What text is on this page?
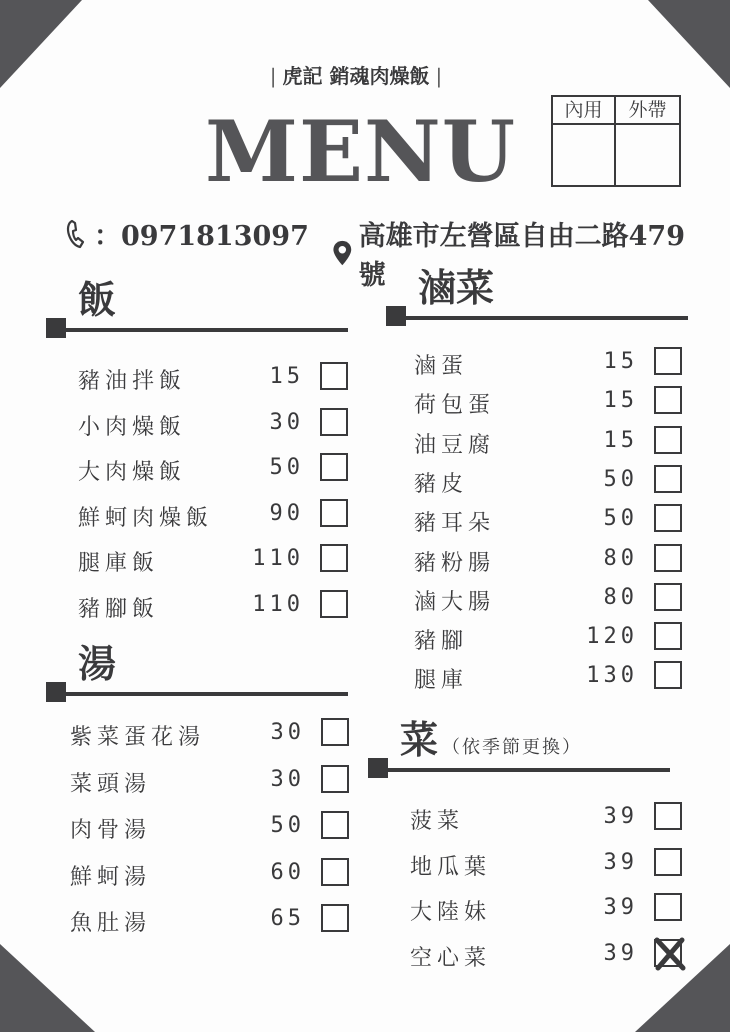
| 虎記 銷魂肉燥飯 |
MENU	內用	外帶
：0971813097 高雄市左營區自由二路479號
飯
豬油拌飯	15
小肉燥飯	30
大肉燥飯	50
鮮蚵肉燥飯	90
腿庫飯	110
豬腳飯	110
湯
紫菜蛋花湯	30
菜頭湯	30
肉骨湯	50
鮮蚵湯	60
魚肚湯	65
滷菜
滷蛋	15
荷包蛋	15
油豆腐	15
豬皮	50
豬耳朵	50
豬粉腸	80
滷大腸	80
豬腳	120
腿庫	130
菜 （依季節更換）
菠菜	39
地瓜葉	39
大陸妹	39
空心菜	39
